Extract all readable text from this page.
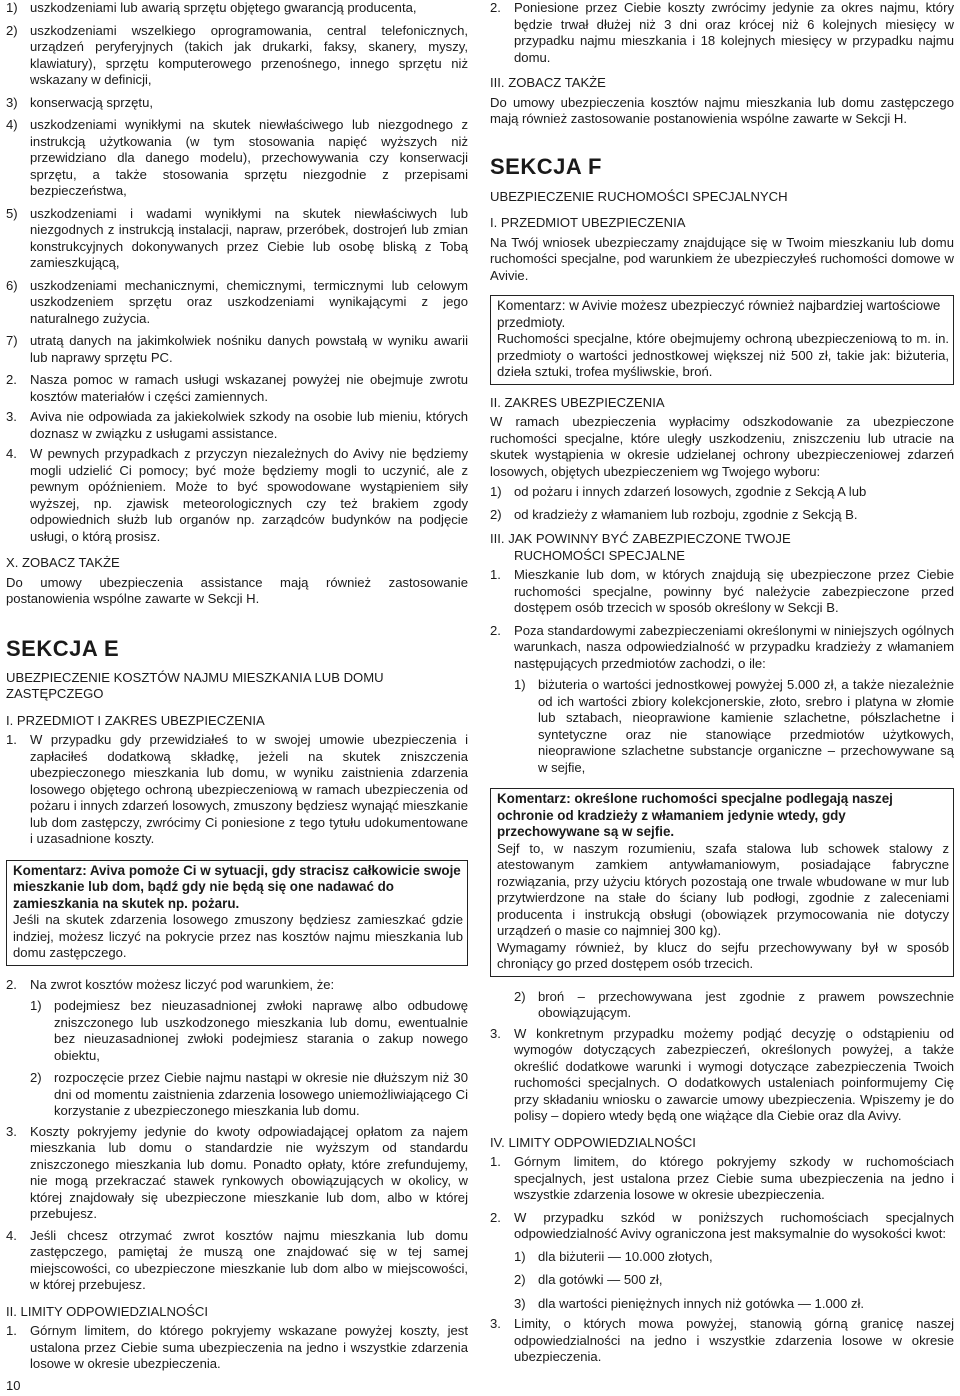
1) uszkodzeniami lub awarią sprzętu objętego gwarancją producenta,
2) uszkodzeniami wszelkiego oprogramowania, central telefonicznych, urządzeń peryferyjnych (takich jak drukarki, faksy, skanery, myszy, klawiatury), sprzętu komputerowego przenośnego, innego sprzętu niż wskazany w definicji,
3) konserwacją sprzętu,
4) uszkodzeniami wynikłymi na skutek niewłaściwego lub niezgodnego z instrukcją użytkowania (w tym stosowania napięć wyższych niż przewidziano dla danego modelu), przechowywania czy konserwacji sprzętu, a także stosowania sprzętu niezgodnie z przepisami bezpieczeństwa,
5) uszkodzeniami i wadami wynikłymi na skutek niewłaściwych lub niezgodnych z instrukcją instalacji, napraw, przeróbek, dostrojeń lub zmian konstrukcyjnych dokonywanych przez Ciebie lub osobę bliską z Tobą zamieszkującą,
6) uszkodzeniami mechanicznymi, chemicznymi, termicznymi lub celowym uszkodzeniem sprzętu oraz uszkodzeniami wynikającymi z jego naturalnego zużycia.
7) utratą danych na jakimkolwiek nośniku danych powstałą w wyniku awarii lub naprawy sprzętu PC.
2. Nasza pomoc w ramach usługi wskazanej powyżej nie obejmuje zwrotu kosztów materiałów i części zamiennych.
3. Aviva nie odpowiada za jakiekolwiek szkody na osobie lub mieniu, których doznasz w związku z usługami assistance.
4. W pewnych przypadkach z przyczyn niezależnych do Avivy nie będziemy mogli udzielić Ci pomocy; być może będziemy mogli to uczynić, ale z pewnym opóźnieniem. Może to być spowodowane wystąpieniem siły wyższej, np. zjawisk meteorologicznych czy też brakiem zgody odpowiednich służb lub organów np. zarządców budynków na podjęcie usługi, o którą prosisz.

X. ZOBACZ TAKŻE

Do umowy ubezpieczenia assistance mają również zastosowanie postanowienia wspólne zawarte w Sekcji H.

SEKCJA E

UBEZPIECZENIE KOSZTÓW NAJMU MIESZKANIA LUB DOMU ZASTĘPCZEGO

I. PRZEDMIOT I ZAKRES UBEZPIECZENIA

1. W przypadku gdy przewidziałeś to w swojej umowie ubezpieczenia i zapłaciłeś dodatkową składkę, jeżeli na skutek zniszczenia ubezpieczonego mieszkania lub domu, w wyniku zaistnienia zdarzenia losowego objętego ochroną ubezpieczeniową w ramach ubezpieczenia od pożaru i innych zdarzeń losowych, zmuszony będziesz wynająć mieszkanie lub dom zastępczy, zwrócimy Ci poniesione z tego tytułu udokumentowane i uzasadnione koszty.
Komentarz: Aviva pomoże Ci w sytuacji, gdy stracisz całkowicie swoje mieszkanie lub dom, bądź gdy nie będą się one nadawać do zamieszkania na skutek np. pożaru.
Jeśli na skutek zdarzenia losowego zmuszony będziesz zamieszkać gdzie indziej, możesz liczyć na pokrycie przez nas kosztów najmu mieszkania lub domu zastępczego.
2. Na zwrot kosztów możesz liczyć pod warunkiem, że:
1) podejmiesz bez nieuzasadnionej zwłoki naprawę albo odbudowę zniszczonego lub uszkodzonego mieszkania lub domu, ewentualnie bez nieuzasadnionej zwłoki podejmiesz starania o zakup nowego obiektu,
2) rozpoczęcie przez Ciebie najmu nastąpi w okresie nie dłuższym niż 30 dni od momentu zaistnienia zdarzenia losowego uniemożliwiającego Ci korzystanie z ubezpieczonego mieszkania lub domu.
3. Koszty pokryjemy jedynie do kwoty odpowiadającej opłatom za najem mieszkania lub domu o standardzie nie wyższym od standardu zniszczonego mieszkania lub domu. Ponadto opłaty, które zrefundujemy, nie mogą przekraczać stawek rynkowych obowiązujących w okolicy, w której znajdowały się ubezpieczone mieszkanie lub dom, albo w której przebujesz.
4. Jeśli chcesz otrzymać zwrot kosztów najmu mieszkania lub domu zastępczego, pamiętaj że muszą one znajdować się w tej samej miejscowości, co ubezpieczone mieszkanie lub dom albo w miejscowości, w której przebujesz.

II. LIMITY ODPOWIEDZIALNOŚCI

1. Górnym limitem, do którego pokryjemy wskazane powyżej koszty, jest ustalona przez Ciebie suma ubezpieczenia na jedno i wszystkie zdarzenia losowe w okresie ubezpieczenia.
2. Poniesione przez Ciebie koszty zwrócimy jedynie za okres najmu, który będzie trwał dłużej niż 3 dni oraz krócej niż 6 kolejnych miesięcy w przypadku najmu mieszkania i 18 kolejnych miesięcy w przypadku najmu domu.

III. ZOBACZ TAKŻE

Do umowy ubezpieczenia kosztów najmu mieszkania lub domu zastępczego mają również zastosowanie postanowienia wspólne zawarte w Sekcji H.

SEKCJA F

UBEZPIECZENIE RUCHOMOŚCI SPECJALNYCH

I. PRZEDMIOT UBEZPIECZENIA

Na Twój wniosek ubezpieczamy znajdujące się w Twoim mieszkaniu lub domu ruchomości specjalne, pod warunkiem że ubezpieczyłeś ruchomości domowe w Avivie.

Komentarz: w Avivie możesz ubezpieczyć również najbardziej wartościowe przedmioty.
Ruchomości specjalne, które obejmujemy ochroną ubezpieczeniową to m. in. przedmioty o wartości jednostkowej większej niż 500 zł, takie jak: biżuteria, dzieła sztuki, trofea myśliwskie, broń.

II. ZAKRES UBEZPIECZENIA

W ramach ubezpieczenia wypłacimy odszkodowanie za ubezpieczone ruchomości specjalne, które uległy uszkodzeniu, zniszczeniu lub utracie na skutek wystąpienia w okresie udzielanej ochrony ubezpieczeniowej zdarzeń losowych, objętych ubezpieczeniem wg Twojego wyboru:

1) od pożaru i innych zdarzeń losowych, zgodnie z Sekcją A lub
2) od kradzieży z włamaniem lub rozboju, zgodnie z Sekcją B.

III. JAK POWINNY BYĆ ZABEZPIECZONE TWOJE

RUCHOMOŚCI SPECJALNE

1. Mieszkanie lub dom, w których znajdują się ubezpieczone przez Ciebie ruchomości specjalne, powinny być należycie zabezpieczone przed dostępem osób trzecich w sposób określony w Sekcji B.
2. Poza standardowymi zabezpieczeniami określonymi w niniejszych ogólnych warunkach, nasza odpowiedzialność w przypadku kradzieży z włamaniem następujących przedmiotów zachodzi, o ile:
1) biżuteria o wartości jednostkowej powyżej 5.000 zł, a także niezależnie od ich wartości zbiory kolekcjonerskie, złoto, srebro i platyna w złomie lub sztabach, nieoprawione kamienie szlachetne, półszlachetne i syntetyczne oraz nie stanowiące przedmiotów użytkowych, nieoprawione szlachetne substancje organiczne – przechowywane są w sejfie,
Komentarz: określone ruchomości specjalne podlegają naszej ochronie od kradzieży z włamaniem jedynie wtedy, gdy przechowywane są w sejfie.
Sejf to, w naszym rozumieniu, szafa stalowa lub schowek stalowy z atestowanym zamkiem antywłamaniowym, posiadające fabryczne rozwiązania, przy użyciu których pozostają one trwale wbudowane w mur lub przytwierdzone na stałe do ściany lub podłogi, zgodnie z zaleceniami producenta i instrukcją obsługi (obowiązek przymocowania nie dotyczy urządzeń o masie co najmniej 300 kg).
Wymagamy również, by klucz do sejfu przechowywany był w sposób chroniący go przed dostępem osób trzecich.
2) broń – przechowywana jest zgodnie z prawem powszechnie obowiązującym.
3. W konkretnym przypadku możemy podjąć decyzję o odstąpieniu od wymogów dotyczących zabezpieczeń, określonych powyżej, a także określić dodatkowe warunki i wymogi dotyczące zabezpieczenia Twoich ruchomości specjalnych. O dodatkowych ustaleniach poinformujemy Cię przy składaniu wniosku o zawarcie umowy ubezpieczenia. Wpiszemy je do polisy – dopiero wtedy będą one wiążące dla Ciebie oraz dla Avivy.

IV. LIMITY ODPOWIEDZIALNOŚCI

1. Górnym limitem, do którego pokryjemy szkody w ruchomościach specjalnych, jest ustalona przez Ciebie suma ubezpieczenia na jedno i wszystkie zdarzenia losowe w okresie ubezpieczenia.
2. W przypadku szkód w poniższych ruchomościach specjalnych odpowiedzialność Avivy ograniczona jest maksymalnie do wysokości kwot:
1) dla biżuterii — 10.000 złotych,
2) dla gotówki — 500 zł,
3) dla wartości pieniężnych innych niż gotówka — 1.000 zł.
3. Limity, o których mowa powyżej, stanowią górną granicę naszej odpowiedzialności na jedno i wszystkie zdarzenia losowe w okresie ubezpieczenia.
10
